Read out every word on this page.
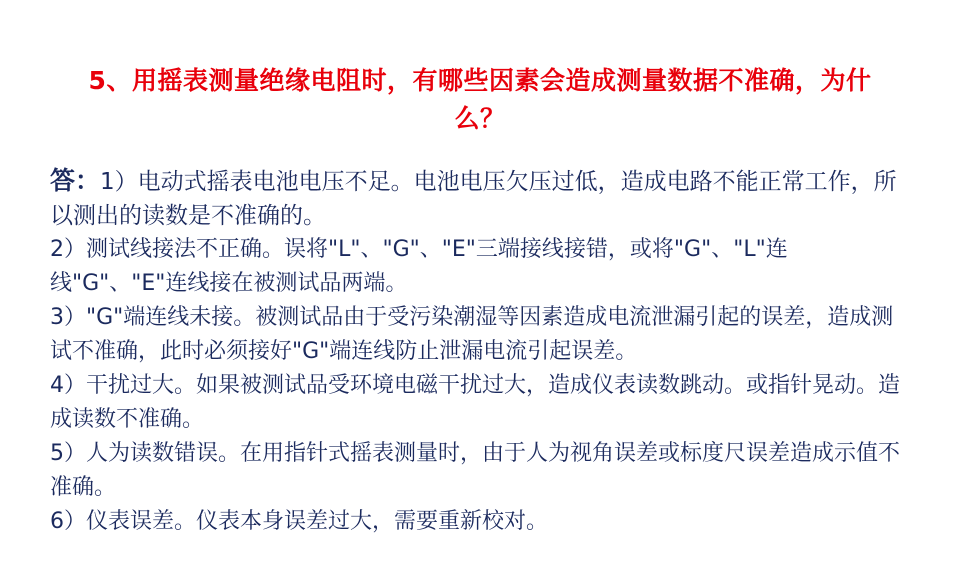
5、用摇表测量绝缘电阻时，有哪些因素会造成测量数据不准确，为什么？

答：1）电动式摇表电池电压不足。电池电压欠压过低，造成电路不能正常工作，所以测出的读数是不准确的。

2）测试线接法不正确。误将"L"、"G"、"E"三端接线接错，或将"G"、"L"连线"G"、"E"连线接在被测试品两端。

3）"G"端连线未接。被测试品由于受污染潮湿等因素造成电流泄漏引起的误差，造成测试不准确，此时必须接好"G"端连线防止泄漏电流引起误差。

4）干扰过大。如果被测试品受环境电磁干扰过大，造成仪表读数跳动。或指针晃动。造成读数不准确。

5）人为读数错误。在用指针式摇表测量时，由于人为视角误差或标度尺误差造成示值不准确。

6）仪表误差。仪表本身误差过大，需要重新校对。
